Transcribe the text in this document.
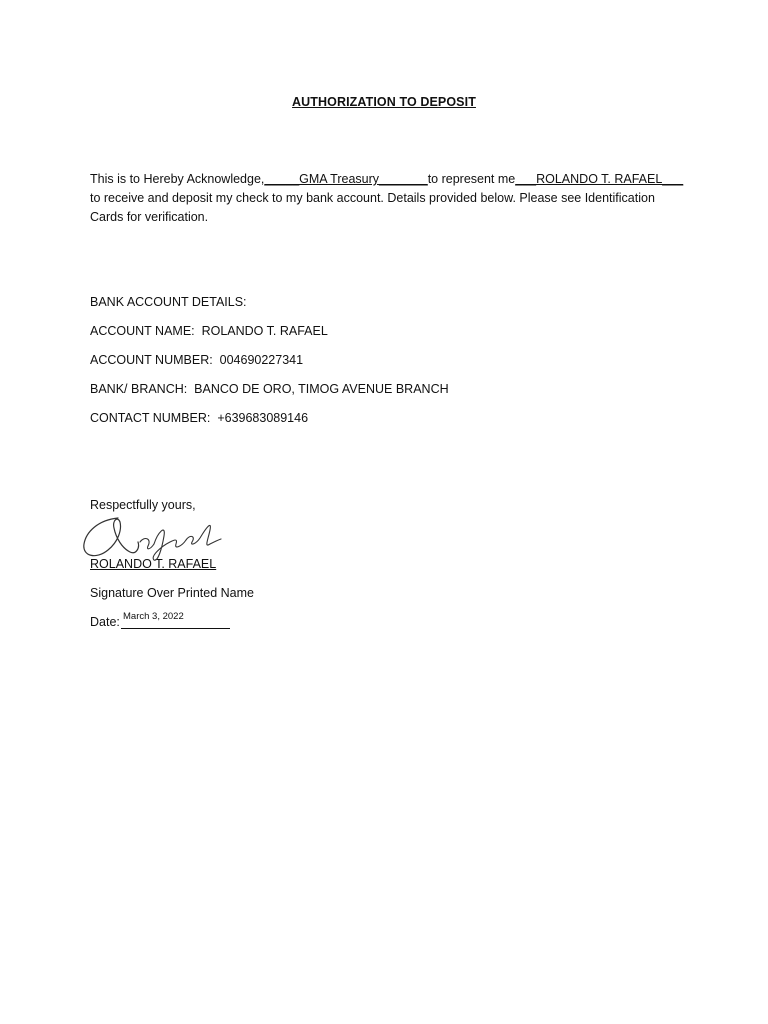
AUTHORIZATION TO DEPOSIT
This is to Hereby Acknowledge, _____GMA Treasury_______ to represent me ___ROLANDO T. RAFAEL___
to receive and deposit my check to my bank account. Details provided below. Please see Identification
Cards for verification.
BANK ACCOUNT DETAILS:
ACCOUNT NAME:  ROLANDO T. RAFAEL
ACCOUNT NUMBER:  004690227341
BANK/ BRANCH:  BANCO DE ORO, TIMOG AVENUE BRANCH
CONTACT NUMBER:  +639683089146
Respectfully yours,
ROLANDO T. RAFAEL
Signature Over Printed Name
Date: March 3, 2022
